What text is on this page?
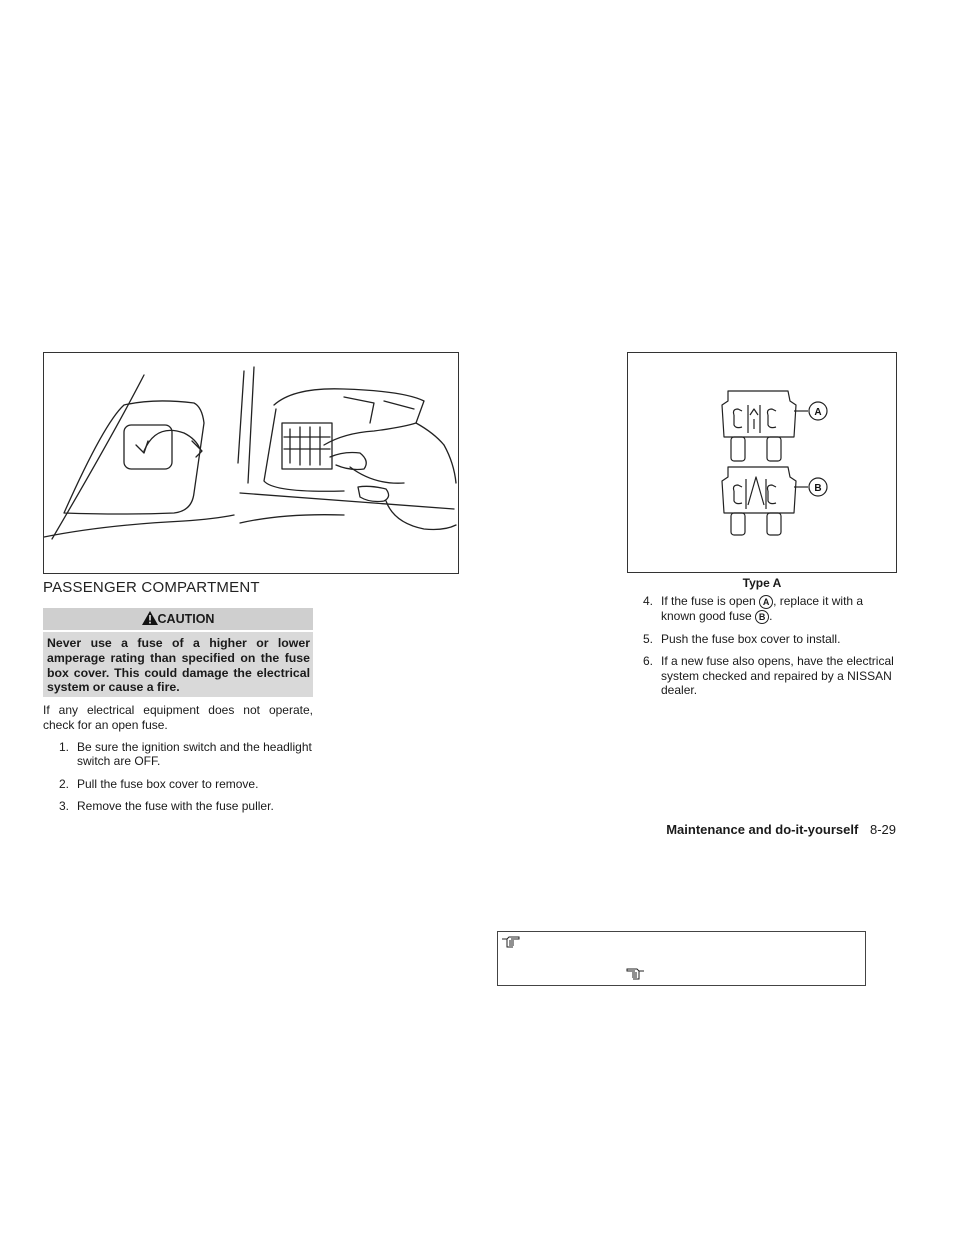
PASSENGER COMPARTMENT
CAUTION
Never use a fuse of a higher or lower amperage rating than specified on the fuse box cover. This could damage the electrical system or cause a fire.
If any electrical equipment does not operate, check for an open fuse.
1. Be sure the ignition switch and the headlight switch are OFF.
2. Pull the fuse box cover to remove.
3. Remove the fuse with the fuse puller.
A
B
Type A
4. If the fuse is open A , replace it with a known good fuse B .
5. Push the fuse box cover to install.
6. If a new fuse also opens, have the electrical system checked and repaired by a NISSAN dealer.
Maintenance and do-it-yourself 8-29
